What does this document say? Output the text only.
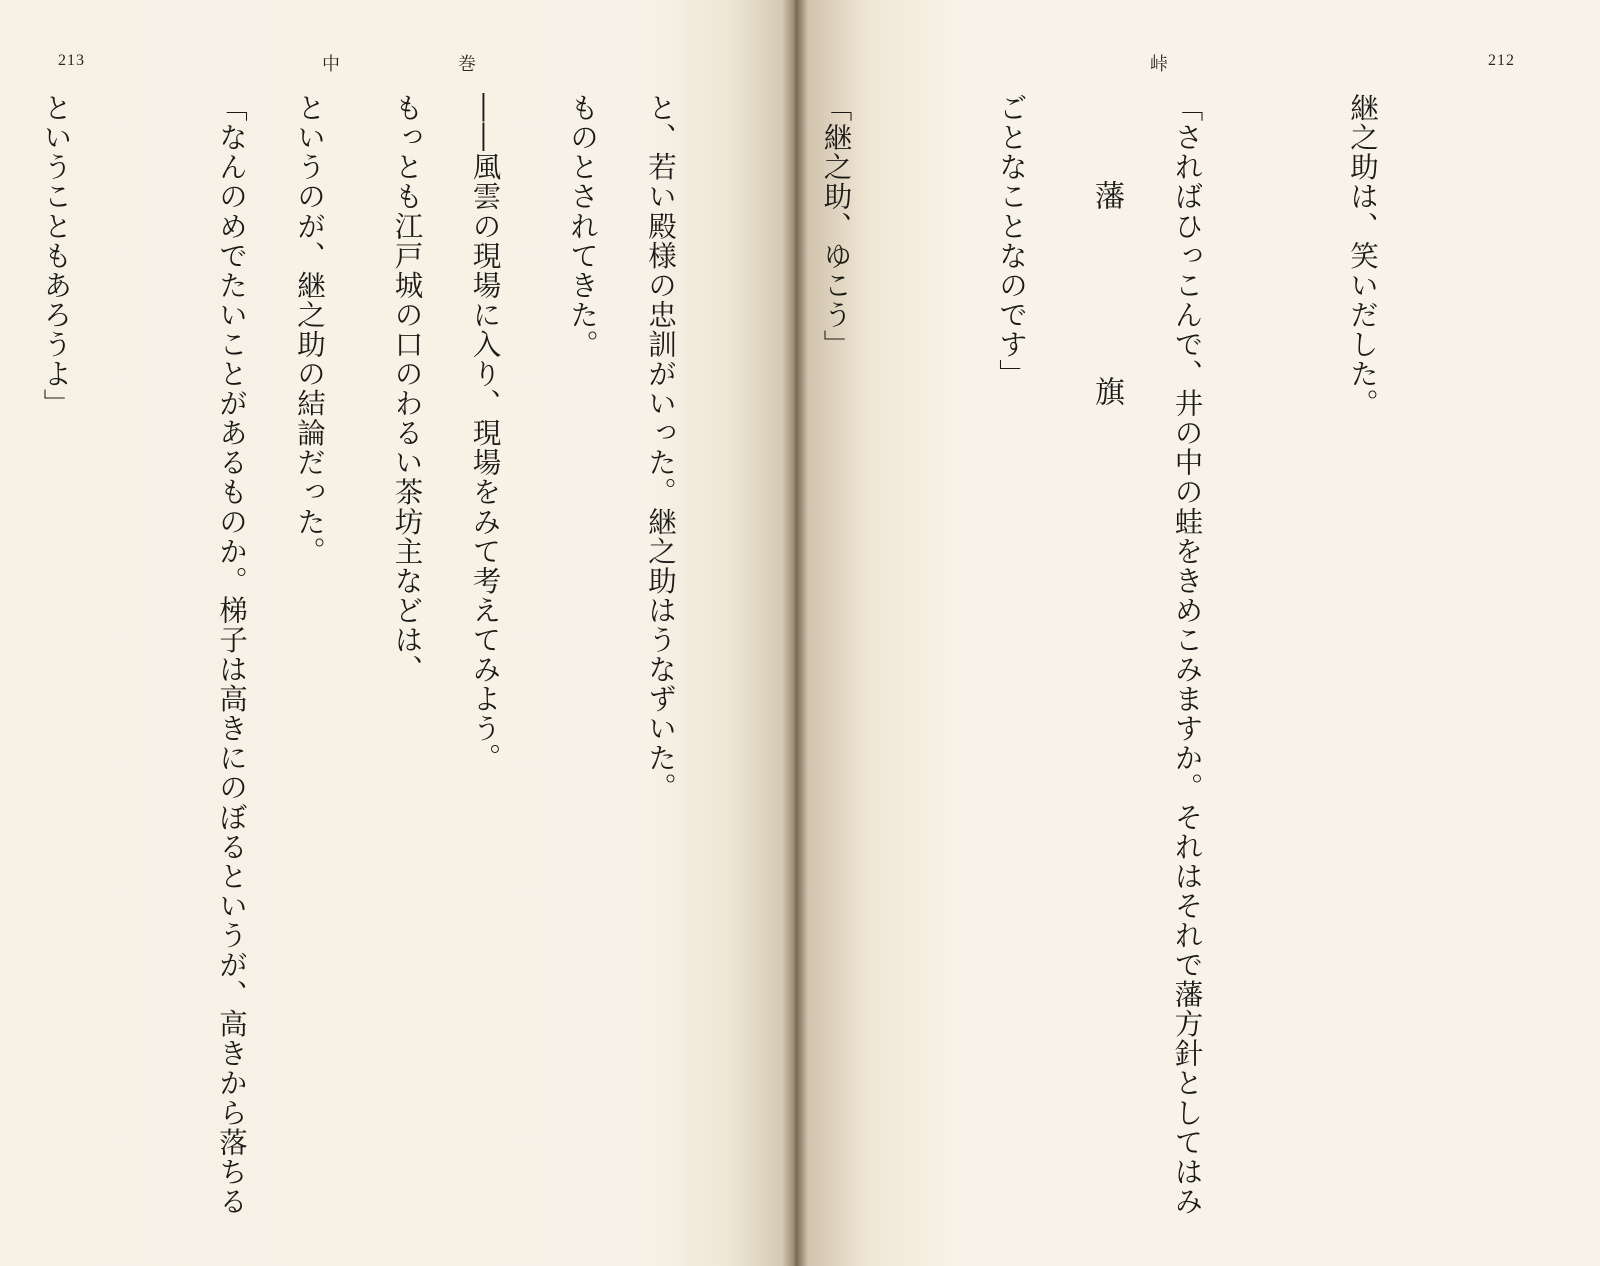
213	中	巻

ものとされてきた。

もっとも江戸城の口のわるい茶坊主などは、

「なんのめでたいことがあるものか。梯子は高きにのぼるというが、高きから落ちる

ということもあろうよ」

峠	212

継之助は、笑いだした。

「さればひっこんで、井の中の蛙をきめこみますか。それはそれで藩方針としてはみ

ごとなことなのです」

「継之助、ゆこう」

と、若い殿様の忠訓がいった。継之助はうなずいた。

――風雲の現場に入り、現場をみて考えてみよう。

というのが、継之助の結論だった。

	藩　旗
